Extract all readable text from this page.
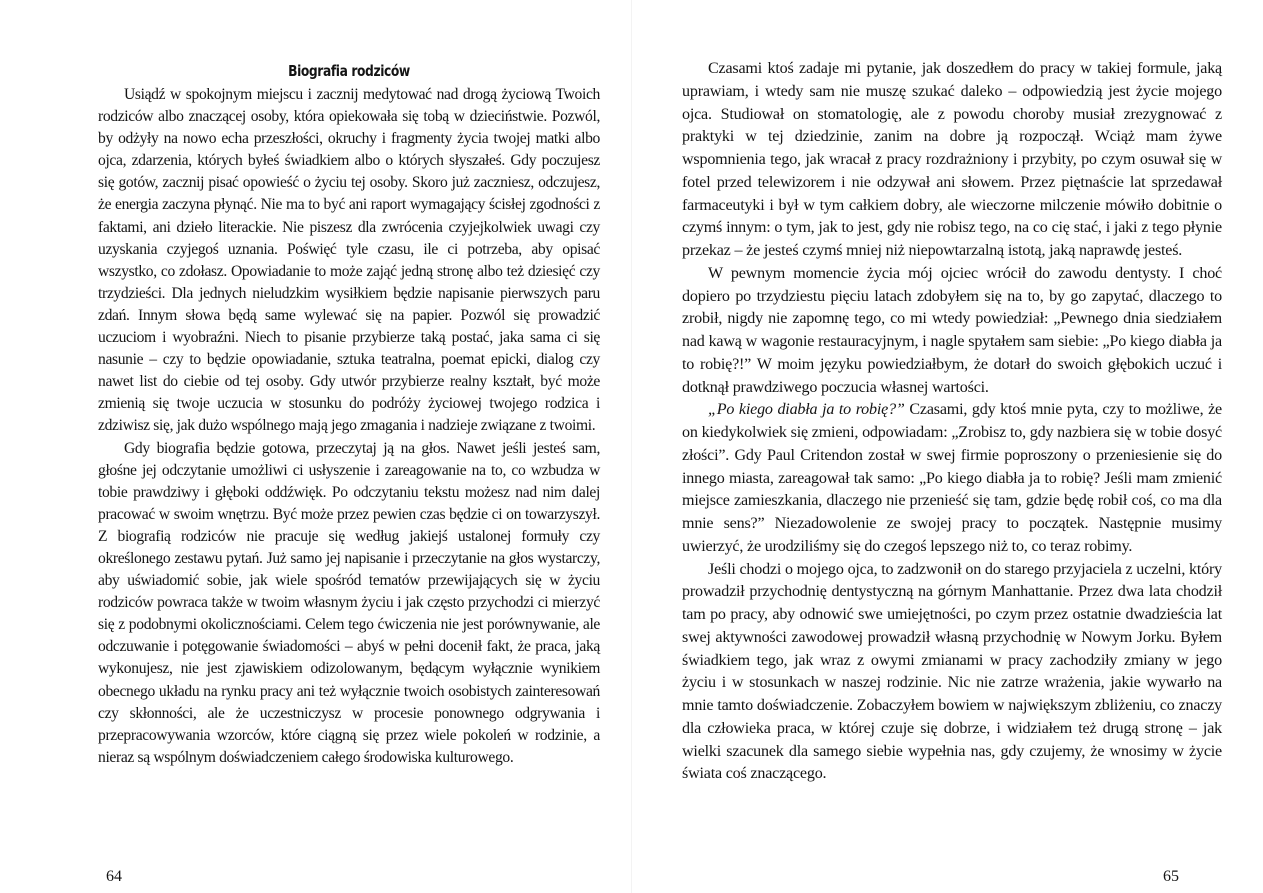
Biografia rodziców

Usiądź w spokojnym miejscu i zacznij medytować nad drogą życiową Twoich rodziców albo znaczącej osoby, która opiekowała się tobą w dzieciństwie. Pozwól, by odżyły na nowo echa przeszłości, okruchy i fragmenty życia twojej matki albo ojca, zdarzenia, których byłeś świadkiem albo o których słyszałeś. Gdy poczujesz się gotów, zacznij pisać opowieść o życiu tej osoby. Skoro już zaczniesz, odczujesz, że energia zaczyna płynąć. Nie ma to być ani raport wymagający ścisłej zgodności z faktami, ani dzieło literackie. Nie piszesz dla zwrócenia czyjejkolwiek uwagi czy uzyskania czyjegoś uznania. Poświęć tyle czasu, ile ci potrzeba, aby opisać wszystko, co zdołasz. Opowiadanie to może zająć jedną stronę albo też dziesięć czy trzydzieści. Dla jednych nieludzkim wysiłkiem będzie napisanie pierwszych paru zdań. Innym słowa będą same wylewać się na papier. Pozwól się prowadzić uczuciom i wyobraźni. Niech to pisanie przybierze taką postać, jaka sama ci się nasunie – czy to będzie opowiadanie, sztuka teatralna, poemat epicki, dialog czy nawet list do ciebie od tej osoby. Gdy utwór przybierze realny kształt, być może zmienią się twoje uczucia w stosunku do podróży życiowej twojego rodzica i zdziwisz się, jak dużo wspólnego mają jego zmagania i nadzieje związane z twoimi.

Gdy biografia będzie gotowa, przeczytaj ją na głos. Nawet jeśli jesteś sam, głośne jej odczytanie umożliwi ci usłyszenie i zareagowanie na to, co wzbudza w tobie prawdziwy i głęboki oddźwięk. Po odczytaniu tekstu możesz nad nim dalej pracować w swoim wnętrzu. Być może przez pewien czas będzie ci on towarzyszył. Z biografią rodziców nie pracuje się według jakiejś ustalonej formuły czy określonego zestawu pytań. Już samo jej napisanie i przeczytanie na głos wystarczy, aby uświadomić sobie, jak wiele spośród tematów przewijających się w życiu rodziców powraca także w twoim własnym życiu i jak często przychodzi ci mierzyć się z podobnymi okolicznościami. Celem tego ćwiczenia nie jest porównywanie, ale odczuwanie i potęgowanie świadomości – abyś w pełni docenił fakt, że praca, jaką wykonujesz, nie jest zjawiskiem odizolowanym, będącym wyłącznie wynikiem obecnego układu na rynku pracy ani też wyłącznie twoich osobistych zainteresowań czy skłonności, ale że uczestniczysz w procesie ponownego odgrywania i przepracowywania wzorców, które ciągną się przez wiele pokoleń w rodzinie, a nieraz są wspólnym doświadczeniem całego środowiska kulturowego.

64

Czasami ktoś zadaje mi pytanie, jak doszedłem do pracy w takiej formule, jaką uprawiam, i wtedy sam nie muszę szukać daleko – odpowiedzią jest życie mojego ojca. Studiował on stomatologię, ale z powodu choroby musiał zrezygnować z praktyki w tej dziedzinie, zanim na dobre ją rozpoczął. Wciąż mam żywe wspomnienia tego, jak wracał z pracy rozdrażniony i przybity, po czym osuwał się w fotel przed telewizorem i nie odzywał ani słowem. Przez piętnaście lat sprzedawał farmaceutyki i był w tym całkiem dobry, ale wieczorne milczenie mówiło dobitnie o czymś innym: o tym, jak to jest, gdy nie robisz tego, na co cię stać, i jaki z tego płynie przekaz – że jesteś czymś mniej niż niepowtarzalną istotą, jaką naprawdę jesteś.

W pewnym momencie życia mój ojciec wrócił do zawodu dentysty. I choć dopiero po trzydziestu pięciu latach zdobyłem się na to, by go zapytać, dlaczego to zrobił, nigdy nie zapomnę tego, co mi wtedy powiedział: „Pewnego dnia siedziałem nad kawą w wagonie restauracyjnym, i nagle spytałem sam siebie: „Po kiego diabła ja to robię?!” W moim języku powiedziałbym, że dotarł do swoich głębokich uczuć i dotknął prawdziwego poczucia własnej wartości.

„Po kiego diabła ja to robię?” Czasami, gdy ktoś mnie pyta, czy to możliwe, że on kiedykolwiek się zmieni, odpowiadam: „Zrobisz to, gdy nazbiera się w tobie dosyć złości”. Gdy Paul Critendon został w swej firmie poproszony o przeniesienie się do innego miasta, zareagował tak samo: „Po kiego diabła ja to robię? Jeśli mam zmienić miejsce zamieszkania, dlaczego nie przenieść się tam, gdzie będę robił coś, co ma dla mnie sens?” Niezadowolenie ze swojej pracy to początek. Następnie musimy uwierzyć, że urodziliśmy się do czegoś lepszego niż to, co teraz robimy.

Jeśli chodzi o mojego ojca, to zadzwonił on do starego przyjaciela z uczelni, który prowadził przychodnię dentystyczną na górnym Manhattanie. Przez dwa lata chodził tam po pracy, aby odnowić swe umiejętności, po czym przez ostatnie dwadzieścia lat swej aktywności zawodowej prowadził własną przychodnię w Nowym Jorku. Byłem świadkiem tego, jak wraz z owymi zmianami w pracy zachodziły zmiany w jego życiu i w stosunkach w naszej rodzinie. Nic nie zatrze wrażenia, jakie wywarło na mnie tamto doświadczenie. Zobaczyłem bowiem w największym zbliżeniu, co znaczy dla człowieka praca, w której czuje się dobrze, i widziałem też drugą stronę – jak wielki szacunek dla samego siebie wypełnia nas, gdy czujemy, że wnosimy w życie świata coś znaczącego.

65
